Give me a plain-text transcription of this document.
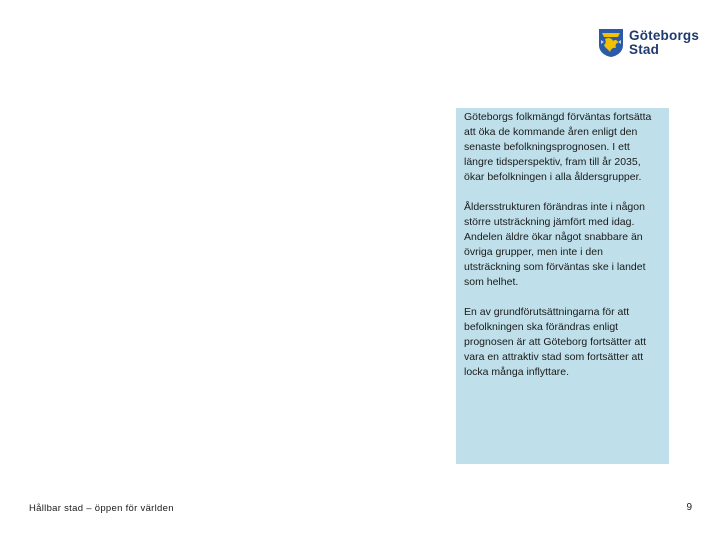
Göteborgs
Stad

Göteborgs folkmängd förväntas fortsätta att öka de kommande åren enligt den senaste befolkningsprognosen. I ett längre tidsperspektiv, fram till år 2035, ökar befolkningen i alla åldersgrupper.

Åldersstrukturen förändras inte i någon större utsträckning jämfört med idag. Andelen äldre ökar något snabbare än övriga grupper, men inte i den utsträckning som förväntas ske i landet som helhet.

En av grundförutsättningarna för att befolkningen ska förändras enligt prognosen är att Göteborg fortsätter att vara en attraktiv stad som fortsätter att locka många inflyttare.

Hållbar stad – öppen för världen	9
